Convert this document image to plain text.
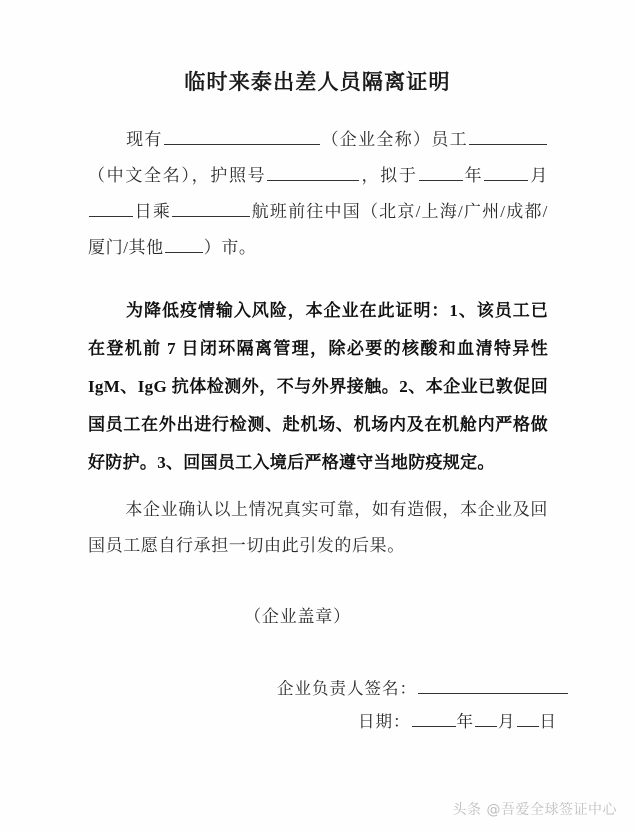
临时来泰出差人员隔离证明
现有	（企业全称）员工（中文全名），护照号	，拟于	年	月日乘	航班前往中国（北京/上海/广州/成都/厦门/其他 ）市。
为降低疫情输入风险，本企业在此证明：1、该员工已在登机前 7 日闭环隔离管理，除必要的核酸和血清特异性 IgM、IgG 抗体检测外，不与外界接触。2、本企业已敦促回国员工在外出进行检测、赴机场、机场内及在机舱内严格做好防护。3、回国员工入境后严格遵守当地防疫规定。
本企业确认以上情况真实可靠，如有造假，本企业及回国员工愿自行承担一切由此引发的后果。
（企业盖章）
企业负责人签名：
日期：	年 月 日
头条 @吾爱全球签证中心
